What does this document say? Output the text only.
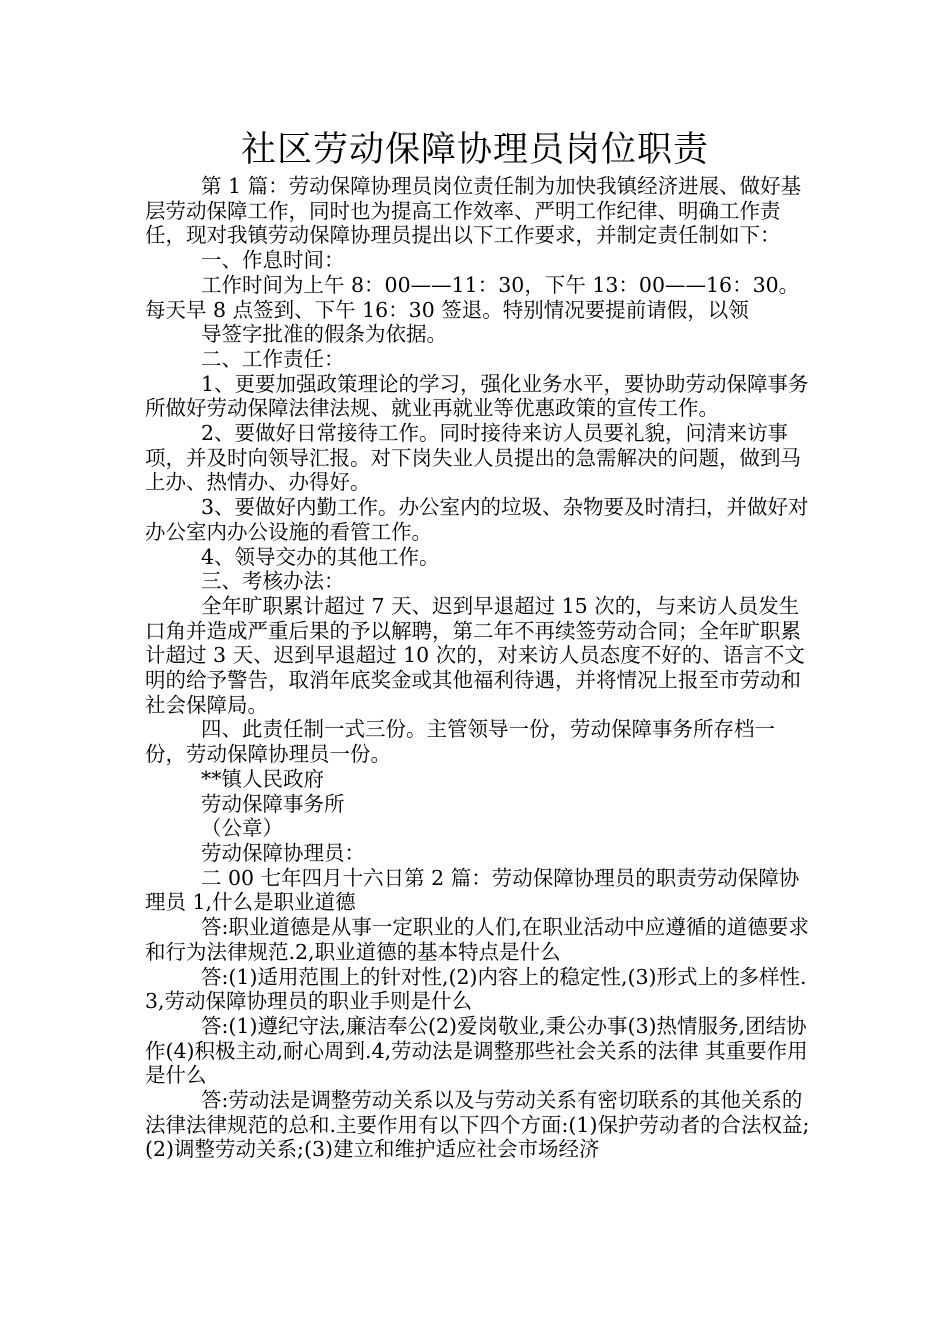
社区劳动保障协理员岗位职责

第 1 篇：劳动保障协理员岗位责任制为加快我镇经济进展、做好基层劳动保障工作，同时也为提高工作效率、严明工作纪律、明确工作责任，现对我镇劳动保障协理员提出以下工作要求，并制定责任制如下：

一、作息时间：

工作时间为上午 8：00——11：30，下午 13：00——16：30。每天早 8 点签到、下午 16：30 签退。特别情况要提前请假，以领

导签字批准的假条为依据。

二、工作责任：

1、更要加强政策理论的学习，强化业务水平，要协助劳动保障事务所做好劳动保障法律法规、就业再就业等优惠政策的宣传工作。

2、要做好日常接待工作。同时接待来访人员要礼貌，问清来访事项，并及时向领导汇报。对下岗失业人员提出的急需解决的问题，做到马上办、热情办、办得好。

3、要做好内勤工作。办公室内的垃圾、杂物要及时清扫，并做好对办公室内办公设施的看管工作。

4、领导交办的其他工作。

三、考核办法：

全年旷职累计超过 7 天、迟到早退超过 15 次的，与来访人员发生口角并造成严重后果的予以解聘，第二年不再续签劳动合同；全年旷职累计超过 3 天、迟到早退超过 10 次的，对来访人员态度不好的、语言不文明的给予警告，取消年底奖金或其他福利待遇，并将情况上报至市劳动和社会保障局。

四、此责任制一式三份。主管领导一份，劳动保障事务所存档一份，劳动保障协理员一份。

**镇人民政府

劳动保障事务所

（公章）

劳动保障协理员：

二 00 七年四月十六日第 2 篇：劳动保障协理员的职责劳动保障协理员 1,什么是职业道德

答:职业道德是从事一定职业的人们,在职业活动中应遵循的道德要求和行为法律规范.2,职业道德的基本特点是什么

答:(1)适用范围上的针对性,(2)内容上的稳定性,(3)形式上的多样性.3,劳动保障协理员的职业手则是什么

答:(1)遵纪守法,廉洁奉公(2)爱岗敬业,秉公办事(3)热情服务,团结协作(4)积极主动,耐心周到.4,劳动法是调整那些社会关系的法律 其重要作用是什么

答:劳动法是调整劳动关系以及与劳动关系有密切联系的其他关系的法律法律规范的总和.主要作用有以下四个方面:(1)保护劳动者的合法权益; (2)调整劳动关系;(3)建立和维护适应社会市场经济
